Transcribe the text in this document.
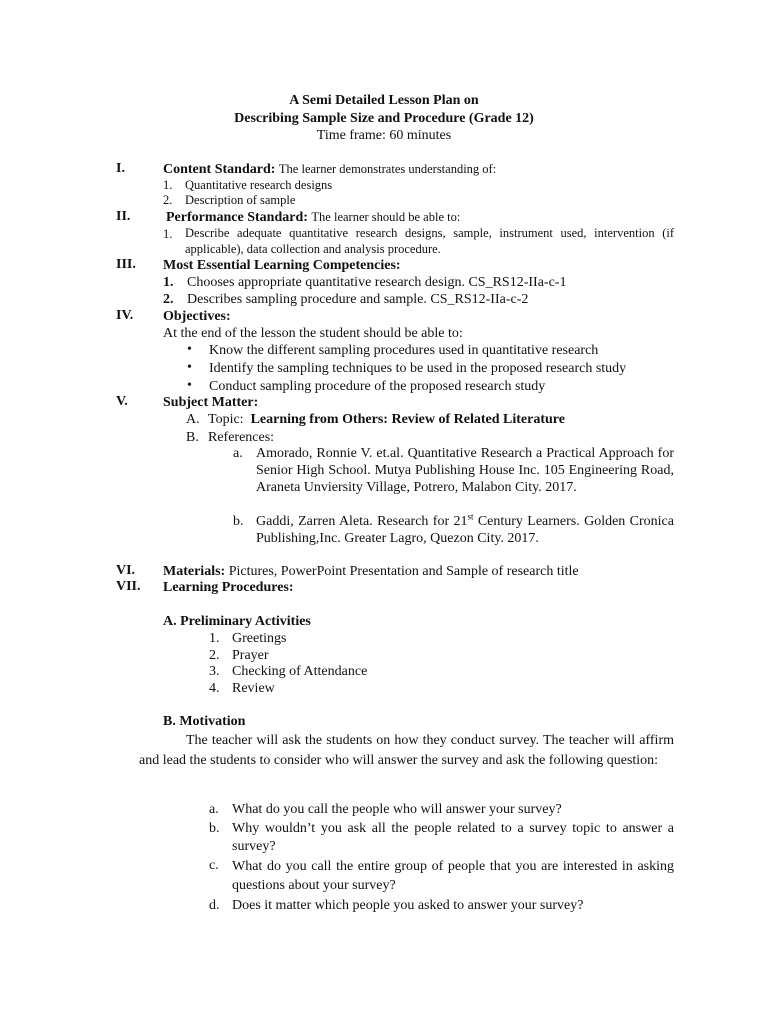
A Semi Detailed Lesson Plan on
Describing Sample Size and Procedure (Grade 12)
Time frame: 60 minutes
I.	Content Standard: The learner demonstrates understanding of:
1. Quantitative research designs
2. Description of sample
II.	Performance Standard: The learner should be able to:
1. Describe adequate quantitative research designs, sample, instrument used, intervention (if applicable), data collection and analysis procedure.
III. Most Essential Learning Competencies:
1. Chooses appropriate quantitative research design. CS_RS12-IIa-c-1
2. Describes sampling procedure and sample. CS_RS12-IIa-c-2
IV. Objectives:
At the end of the lesson the student should be able to:
• Know the different sampling procedures used in quantitative research
• Identify the sampling techniques to be used in the proposed research study
• Conduct sampling procedure of the proposed research study
V.	Subject Matter:
A. Topic: Learning from Others: Review of Related Literature
B. References:
a. Amorado, Ronnie V. et.al. Quantitative Research a Practical Approach for Senior High School. Mutya Publishing House Inc. 105 Engineering Road, Araneta Unviersity Village, Potrero, Malabon City. 2017.
b. Gaddi, Zarren Aleta. Research for 21st Century Learners. Golden Cronica Publishing,Inc. Greater Lagro, Quezon City. 2017.
VI. Materials: Pictures, PowerPoint Presentation and Sample of research title
VII. Learning Procedures:
A. Preliminary Activities
1. Greetings
2. Prayer
3. Checking of Attendance
4. Review
B. Motivation
The teacher will ask the students on how they conduct survey. The teacher will affirm and lead the students to consider who will answer the survey and ask the following question:
a. What do you call the people who will answer your survey?
b. Why wouldn’t you ask all the people related to a survey topic to answer a survey?
c. What do you call the entire group of people that you are interested in asking questions about your survey?
d. Does it matter which people you asked to answer your survey?
